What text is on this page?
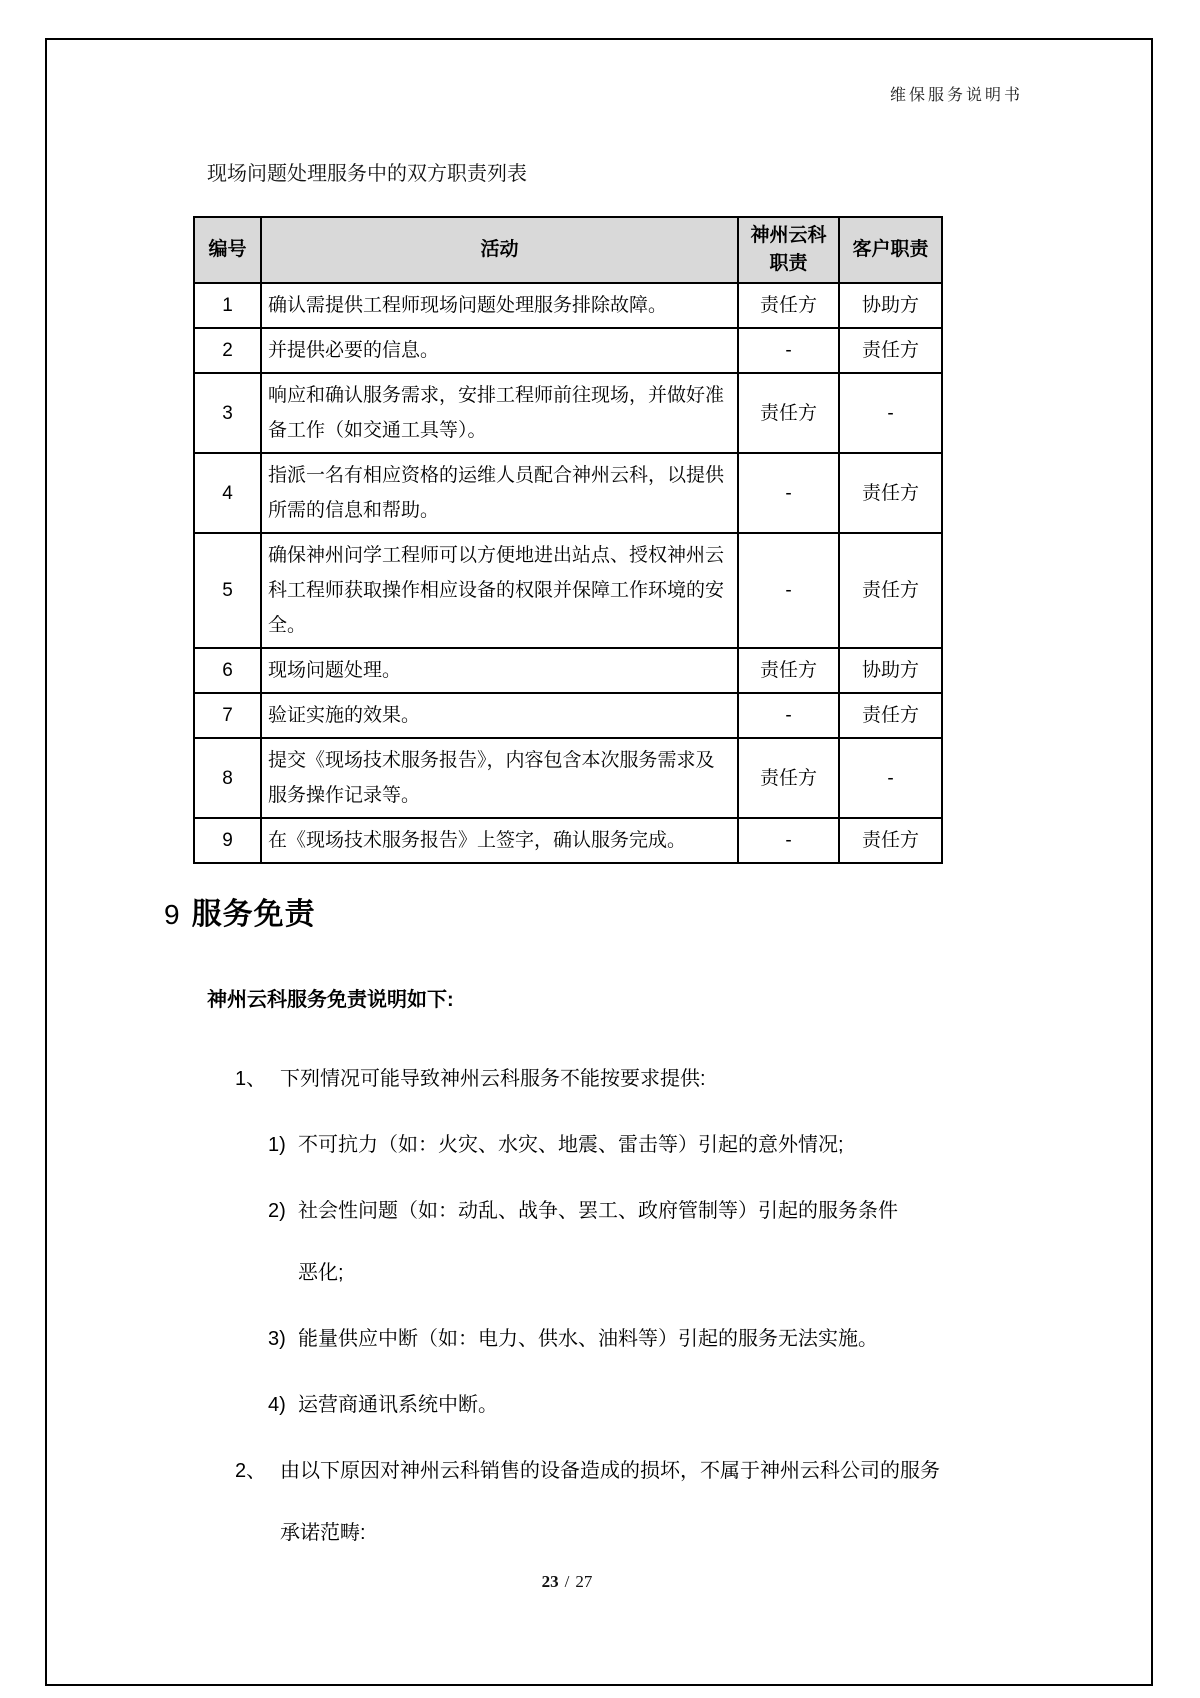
维保服务说明书
现场问题处理服务中的双方职责列表
编号	活动	神州云科职责	客户职责
1	确认需提供工程师现场问题处理服务排除故障。	责任方	协助方
2	并提供必要的信息。	-	责任方
3	响应和确认服务需求，安排工程师前往现场，并做好准备工作（如交通工具等）。	责任方	-
4	指派一名有相应资格的运维人员配合神州云科，以提供所需的信息和帮助。	-	责任方
5	确保神州问学工程师可以方便地进出站点、授权神州云科工程师获取操作相应设备的权限并保障工作环境的安全。	-	责任方
6	现场问题处理。	责任方	协助方
7	验证实施的效果。	-	责任方
8	提交《现场技术服务报告》，内容包含本次服务需求及服务操作记录等。	责任方	-
9	在《现场技术服务报告》上签字，确认服务完成。	-	责任方
9 服务免责
神州云科服务免责说明如下:
1、 下列情况可能导致神州云科服务不能按要求提供:
1) 不可抗力（如：火灾、水灾、地震、雷击等）引起的意外情况;
2) 社会性问题（如：动乱、战争、罢工、政府管制等）引起的服务条件恶化;
3) 能量供应中断（如：电力、供水、油料等）引起的服务无法实施。
4) 运营商通讯系统中断。
2、 由以下原因对神州云科销售的设备造成的损坏，不属于神州云科公司的服务承诺范畴:
23 / 27
